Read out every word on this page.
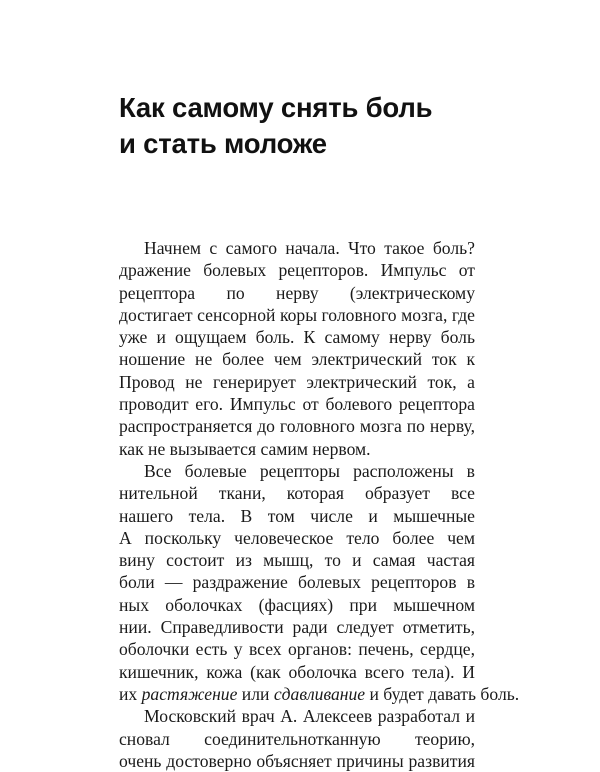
Как самому снять боль
и стать моложе
Начнем с самого начала. Что такое боль?
дражение болевых рецепторов. Импульс от
рецептора по нерву (электрическому
достигает сенсорной коры головного мозга, где
уже и ощущаем боль. К самому нерву боль
ношение не более чем электрический ток к
Провод не генерирует электрический ток, а
проводит его. Импульс от болевого рецептора
распространяется до головного мозга по нерву,
как не вызывается самим нервом.
Все болевые рецепторы расположены в
нительной ткани, которая образует все
нашего тела. В том числе и мышечные
А поскольку человеческое тело более чем
вину состоит из мышц, то и самая частая
боли — раздражение болевых рецепторов в
ных оболочках (фасциях) при мышечном
нии. Справедливости ради следует отметить,
оболочки есть у всех органов: печень, сердце,
кишечник, кожа (как оболочка всего тела). И
их растяжение или сдавливание и будет давать боль.
Московский врач А. Алексеев разработал и
сновал соединительнотканную теорию,
очень достоверно объясняет причины развития
